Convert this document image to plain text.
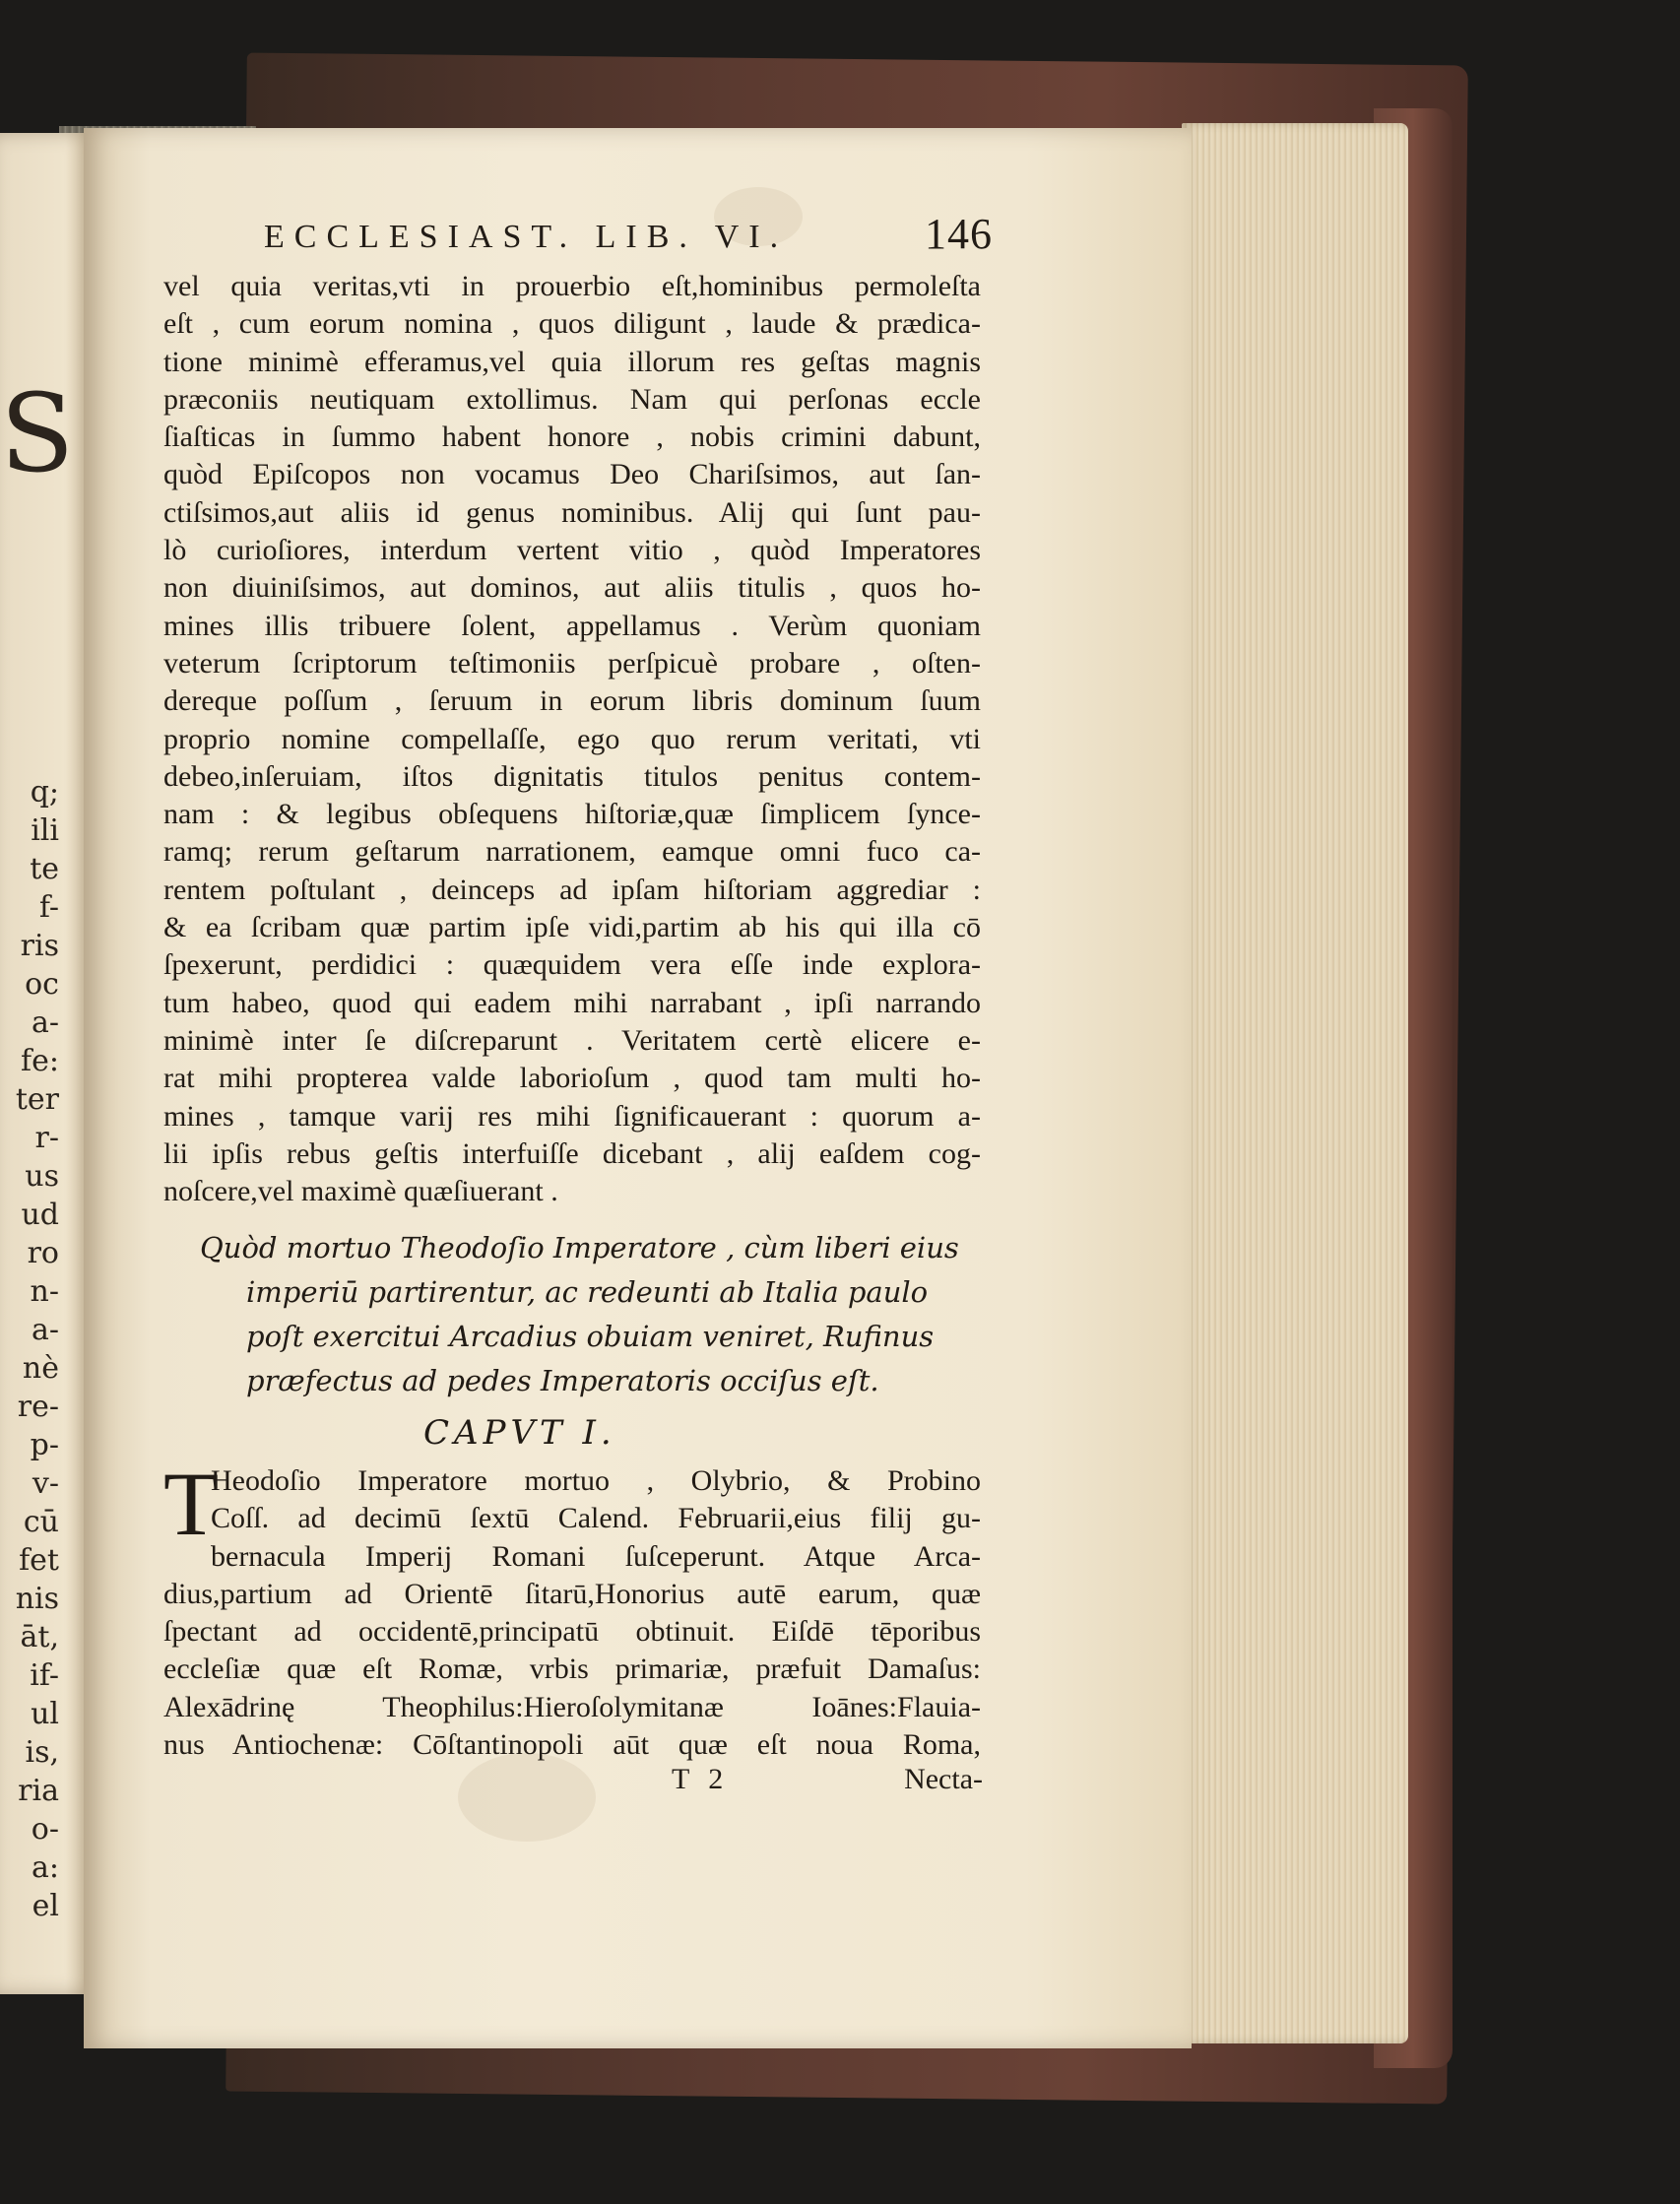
S
q;
ili
te
f-
ris
oc
a-
fe:
ter
r-
us
ud
ro
n-
a-
nè
re-
p-
v-
cū
fet
nis
āt,
if-
ul
is,
ria
o-
a:
el
ECCLESIAST. LIB. VI.	146
vel quia veritas,vti in prouerbio eſt,hominibus permoleſta
eſt , cum eorum nomina , quos diligunt , laude & prædica-
tione minimè efferamus,vel quia illorum res geſtas magnis
præconiis neutiquam extollimus. Nam qui perſonas eccle
ſiaſticas in ſummo habent honore , nobis crimini dabunt,
quòd Epiſcopos non vocamus Deo Chariſsimos, aut ſan-
ctiſsimos,aut aliis id genus nominibus. Alij qui ſunt pau-
lò curioſiores, interdum vertent vitio , quòd Imperatores
non diuiniſsimos, aut dominos, aut aliis titulis , quos ho-
mines illis tribuere ſolent, appellamus . Verùm quoniam
veterum ſcriptorum teſtimoniis perſpicuè probare , oſten-
dereque poſſum , ſeruum in eorum libris dominum ſuum
proprio nomine compellaſſe, ego quo rerum veritati, vti
debeo,inſeruiam, iſtos dignitatis titulos penitus contem-
nam : & legibus obſequens hiſtoriæ,quæ ſimplicem ſynce-
ramq; rerum geſtarum narrationem, eamque omni fuco ca-
rentem poſtulant , deinceps ad ipſam hiſtoriam aggrediar :
& ea ſcribam quæ partim ipſe vidi,partim ab his qui illa cō
ſpexerunt, perdidici : quæquidem vera eſſe inde explora-
tum habeo, quod qui eadem mihi narrabant , ipſi narrando
minimè inter ſe diſcreparunt . Veritatem certè elicere e-
rat mihi propterea valde laborioſum , quod tam multi ho-
mines , tamque varij res mihi ſignificauerant : quorum a-
lii ipſis rebus geſtis interfuiſſe dicebant , alij eaſdem cog-
noſcere,vel maximè quæſiuerant .
Quòd mortuo Theodoſio Imperatore , cùm liberi eius
imperiū partirentur, ac redeunti ab Italia paulo
poſt exercitui Arcadius obuiam veniret, Rufinus
præfectus ad pedes Imperatoris occiſus eſt.
CAPVT I.
T
Heodoſio Imperatore mortuo , Olybrio, & Probino
Coſſ. ad decimū ſextū Calend. Februarii,eius filij gu-
bernacula Imperij Romani ſuſceperunt. Atque Arca-
dius,partium ad Orientē ſitarū,Honorius autē earum, quæ
ſpectant ad occidentē,principatū obtinuit. Eiſdē tēporibus
eccleſiæ quæ eſt Romæ, vrbis primariæ, præfuit Damaſus:
Alexādrinę Theophilus:Hieroſolymitanæ Ioānes:Flauia-
nus Antiochenæ: Cōſtantinopoli aūt quæ eſt noua Roma,
T 2	Necta-
